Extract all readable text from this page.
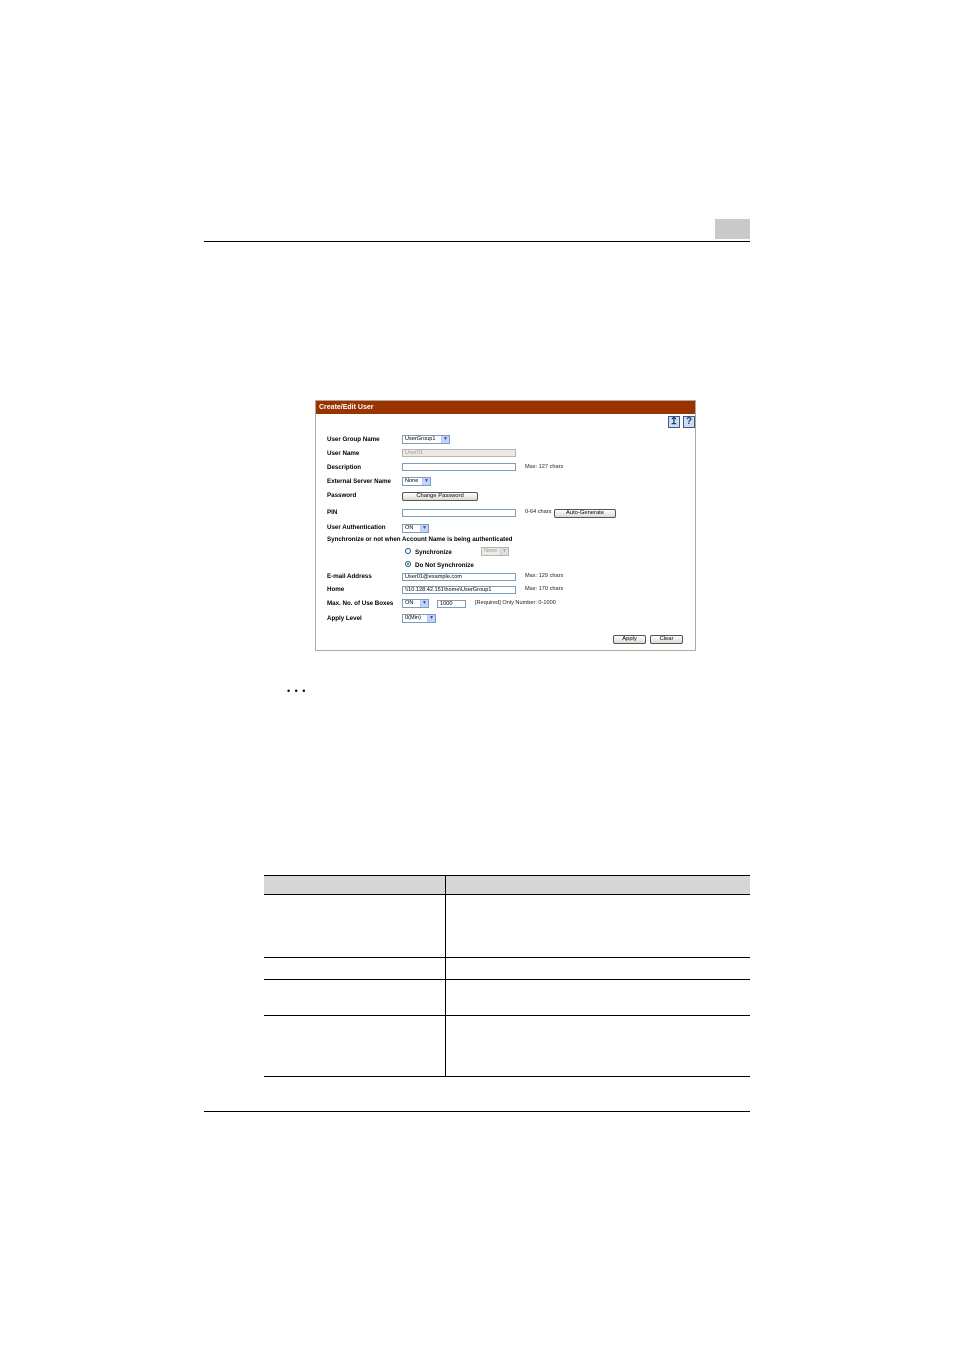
Create/Edit User
↥ ?
User Group Name	UserGroup1	▼
User Name	User01
Description	Max: 127 chars
External Server Name	None	▼
Password	Change Password
PIN	0-64 chars	Auto-Generate
User Authentication	ON	▼
Synchronize or not when Account Name is being authenticated
Synchronize	None ▼
Do Not Synchronize
E-mail Address	User01@example.com	Max: 129 chars
Home	\\10.128.42.151\home\UserGroup1	Max: 170 chars
Max. No. of Use Boxes	ON	▼	1000	[Required] Only Number: 0-1000
Apply Level	0(Min)	▼
Apply	Clear
• • •
